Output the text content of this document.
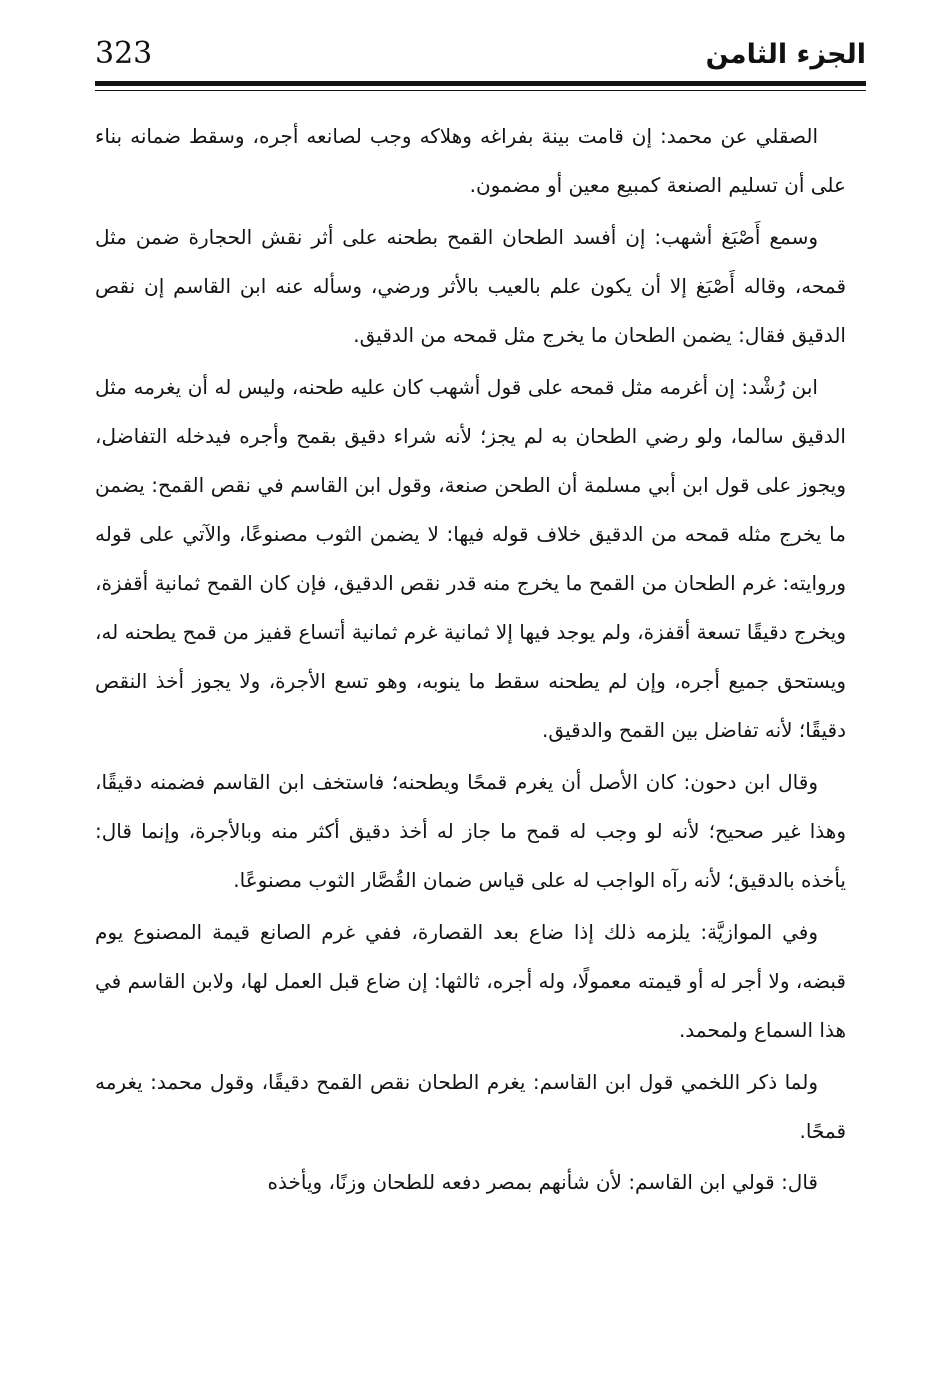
323	الجزء الثامن

الصقلي عن محمد: إن قامت بينة بفراغه وهلاكه وجب لصانعه أجره، وسقط ضمانه بناء على أن تسليم الصنعة كمبيع معين أو مضمون.

وسمع أَصْبَغ أشهب: إن أفسد الطحان القمح بطحنه على أثر نقش الحجارة ضمن مثل قمحه، وقاله أَصْبَغ إلا أن يكون علم بالعيب بالأثر ورضي، وسأله عنه ابن القاسم إن نقص الدقيق فقال: يضمن الطحان ما يخرج مثل قمحه من الدقيق.

ابن رُشْد: إن أغرمه مثل قمحه على قول أشهب كان عليه طحنه، وليس له أن يغرمه مثل الدقيق سالما، ولو رضي الطحان به لم يجز؛ لأنه شراء دقيق بقمح وأجره فيدخله التفاضل، ويجوز على قول ابن أبي مسلمة أن الطحن صنعة، وقول ابن القاسم في نقص القمح: يضمن ما يخرج مثله قمحه من الدقيق خلاف قوله فيها: لا يضمن الثوب مصنوعًا، والآتي على قوله وروايته: غرم الطحان من القمح ما يخرج منه قدر نقص الدقيق، فإن كان القمح ثمانية أقفزة، ويخرج دقيقًا تسعة أقفزة، ولم يوجد فيها إلا ثمانية غرم ثمانية أتساع قفيز من قمح يطحنه له، ويستحق جميع أجره، وإن لم يطحنه سقط ما ينوبه، وهو تسع الأجرة، ولا يجوز أخذ النقص دقيقًا؛ لأنه تفاضل بين القمح والدقيق.

وقال ابن دحون: كان الأصل أن يغرم قمحًا ويطحنه؛ فاستخف ابن القاسم فضمنه دقيقًا، وهذا غير صحيح؛ لأنه لو وجب له قمح ما جاز له أخذ دقيق أكثر منه وبالأجرة، وإنما قال: يأخذه بالدقيق؛ لأنه رآه الواجب له على قياس ضمان القُصَّار الثوب مصنوعًا.

وفي الموازيَّة: يلزمه ذلك إذا ضاع بعد القصارة، ففي غرم الصانع قيمة المصنوع يوم قبضه، ولا أجر له أو قيمته معمولًا، وله أجره، ثالثها: إن ضاع قبل العمل لها، ولابن القاسم في هذا السماع ولمحمد.

ولما ذكر اللخمي قول ابن القاسم: يغرم الطحان نقص القمح دقيقًا، وقول محمد: يغرمه قمحًا.

قال: قولي ابن القاسم: لأن شأنهم بمصر دفعه للطحان وزنًا، ويأخذه
